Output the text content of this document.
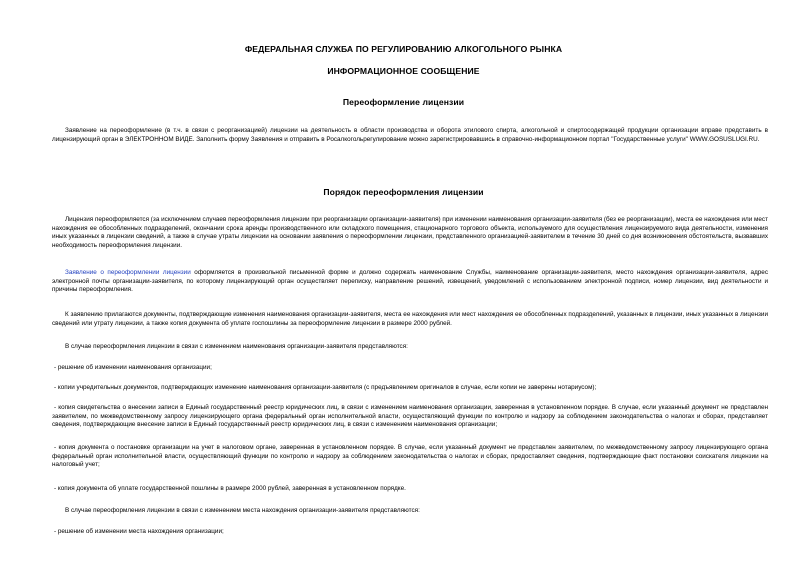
ФЕДЕРАЛЬНАЯ СЛУЖБА ПО РЕГУЛИРОВАНИЮ АЛКОГОЛЬНОГО РЫНКА
ИНФОРМАЦИОННОЕ СООБЩЕНИЕ
Переоформление лицензии

Заявление на переоформление (в т.ч. в связи с реорганизацией) лицензии на деятельность в области производства и оборота этилового спирта, алкогольной и спиртосодержащей продукции организации вправе представить в лицензирующий орган в ЭЛЕКТРОННОМ ВИДЕ. Заполнить форму Заявления и отправить в Росалкогольрегулирование можно зарегистрировавшись в справочно-информационном портал "Государственные услуги" WWW.GOSUSLUGI.RU.

Порядок переоформления лицензии

Лицензия переоформляется (за исключением случаев переоформления лицензии при реорганизации организации-заявителя) при изменении наименования организации-заявителя (без ее реорганизации), места ее нахождения или мест нахождения ее обособленных подразделений, окончании срока аренды производственного или складского помещения, стационарного торгового объекта, используемого для осуществления лицензируемого вида деятельности, изменения иных указанных в лицензии сведений, а также в случае утраты лицензии на основании заявления о переоформлении лицензии, представленного организацией-заявителем в течение 30 дней со дня возникновения обстоятельств, вызвавших необходимость переоформления лицензии.

Заявление о переоформлении лицензии оформляется в произвольной письменной форме и должно содержать наименование Службы, наименование организации-заявителя, место нахождения организации-заявителя, адрес электронной почты организации-заявителя, по которому лицензирующий орган осуществляет переписку, направление решений, извещений, уведомлений с использованием электронной подписи, номер лицензии, вид деятельности и причины переоформления.

К заявлению прилагаются документы, подтверждающие изменения наименования организации-заявителя, места ее нахождения или мест нахождения ее обособленных подразделений, указанных в лицензии, иных указанных в лицензии сведений или утрату лицензии, а также копия документа об уплате госпошлины за переоформление лицензии в размере 2000 рублей.

В случае переоформления лицензии в связи с изменением наименования организации-заявителя представляются:

- решение об изменении наименования организации;

- копии учредительных документов, подтверждающих изменение наименования организации-заявителя (с предъявлением оригиналов в случае, если копии не заверены нотариусом);

- копия свидетельства о внесении записи в Единый государственный реестр юридических лиц, в связи с изменением наименования организации, заверенная в установленном порядке. В случае, если указанный документ не представлен заявителем, по межведомственному запросу лицензирующего органа федеральный орган исполнительной власти, осуществляющий функции по контролю и надзору за соблюдением законодательства о налогах и сборах, представляет сведения, подтверждающие внесение записи в Единый государственный реестр юридических лиц, в связи с изменением наименования организации;

- копия документа о постановке организации на учет в налоговом органе, заверенная в установленном порядке. В случае, если указанный документ не представлен заявителем, по межведомственному запросу лицензирующего органа федеральный орган исполнительной власти, осуществляющий функции по контролю и надзору за соблюдением законодательства о налогах и сборах, предоставляет сведения, подтверждающие факт постановки соискателя лицензии на налоговый учет;

- копия документа об уплате государственной пошлины в размере 2000 рублей, заверенная в установленном порядке.

В случае переоформления лицензии в связи с изменением места нахождения организации-заявителя представляются:

- решение об изменении места нахождения организации;
